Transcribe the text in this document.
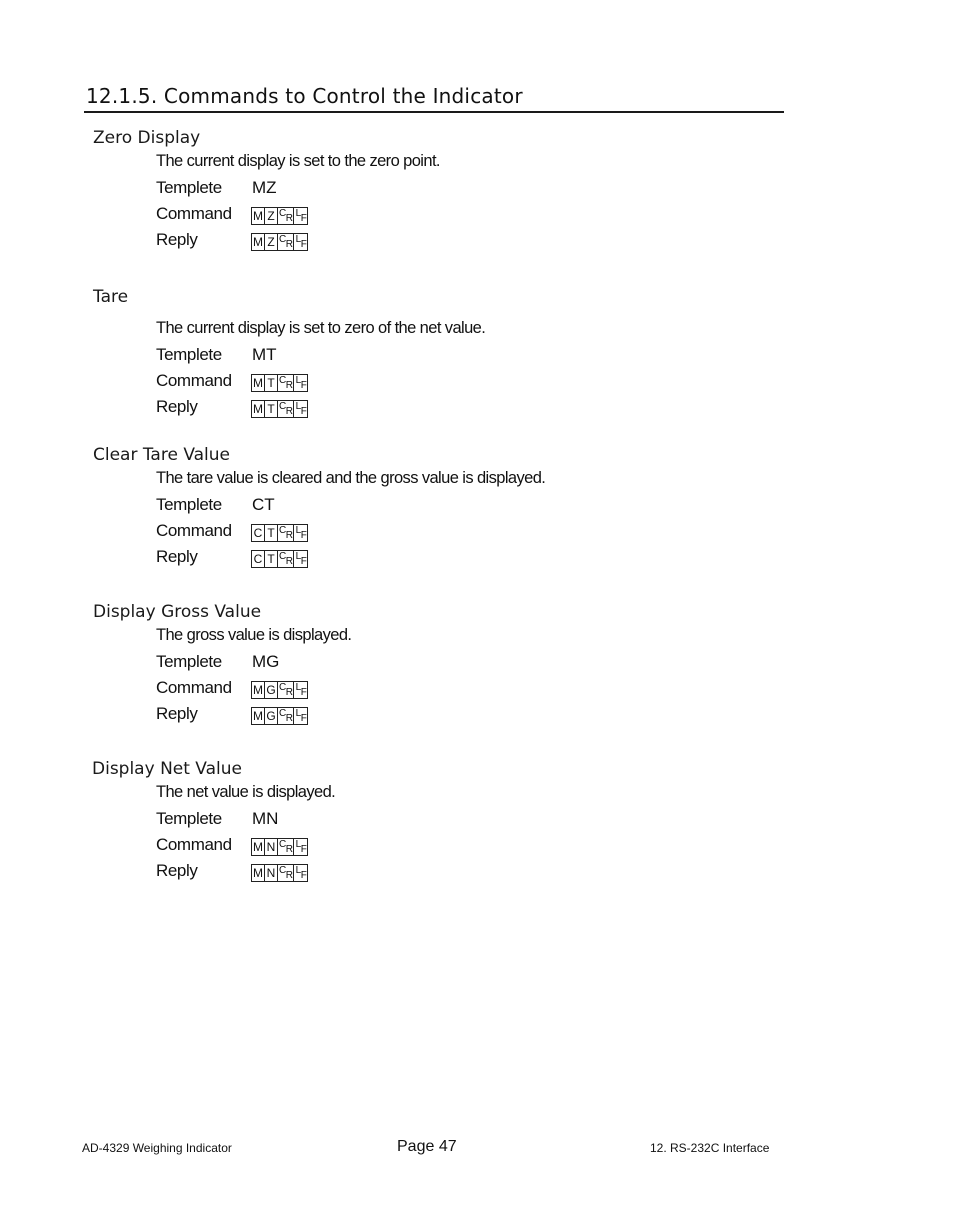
12.1.5. Commands to Control the Indicator
Zero Display
The current display is set to the zero point.
Templete MZ
Command M Z C R L F
Reply	M Z C R L F
Tare
The current display is set to zero of the net value.
Templete MT
Command M T C R L F
Reply	M T C R L F
Clear Tare Value
The tare value is cleared and the gross value is displayed.
Templete CT
Command C T C R L F
Reply	C T C R L F
Display Gross Value
The gross value is displayed.
Templete MG
Command M G C R L F
Reply	M G C R L F
Display Net Value
The net value is displayed.
Templete MN
Command M N C R L F
Reply	M N C R L F
AD-4329 Weighing Indicator	Page 47	12. RS-232C Interface
